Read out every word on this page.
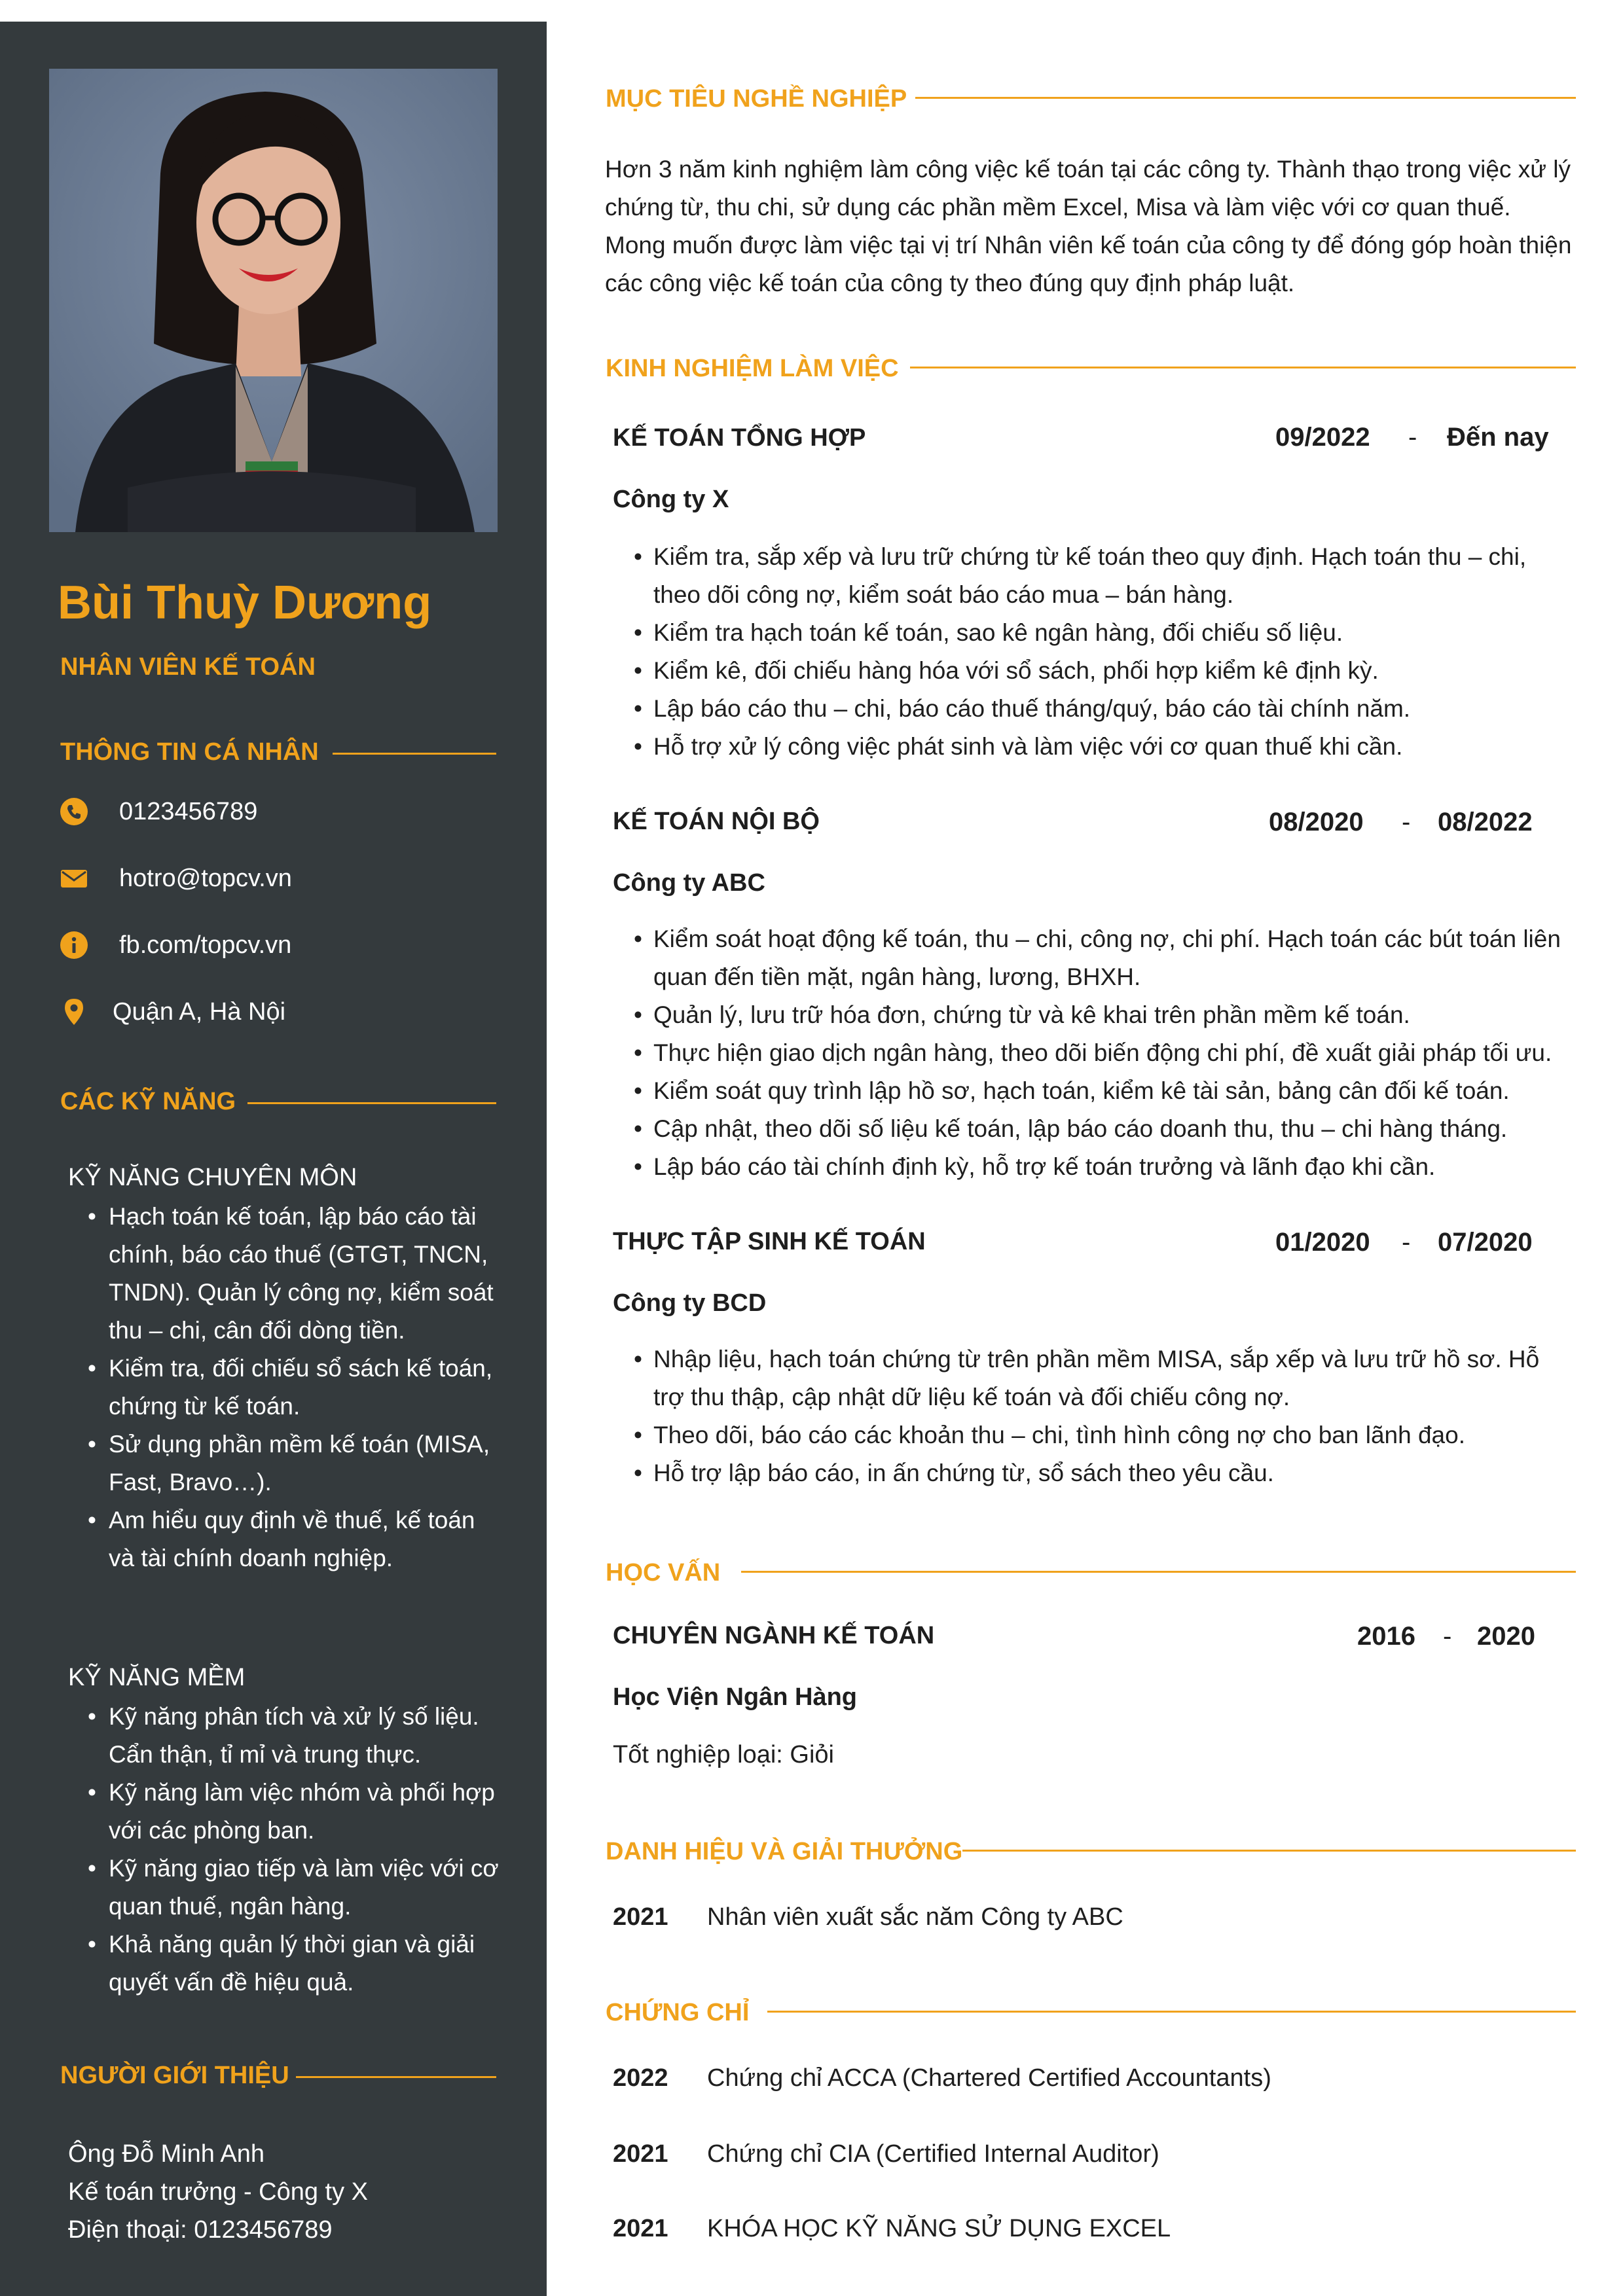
Bùi Thuỳ Dương
NHÂN VIÊN KẾ TOÁN
THÔNG TIN CÁ NHÂN
0123456789
hotro@topcv.vn
fb.com/topcv.vn
Quận A, Hà Nội
CÁC KỸ NĂNG
KỸ NĂNG CHUYÊN MÔN
• Hạch toán kế toán, lập báo cáo tài chính, báo cáo thuế (GTGT, TNCN, TNDN). Quản lý công nợ, kiểm soát thu – chi, cân đối dòng tiền.
• Kiểm tra, đối chiếu sổ sách kế toán, chứng từ kế toán.
• Sử dụng phần mềm kế toán (MISA, Fast, Bravo…).
• Am hiểu quy định về thuế, kế toán và tài chính doanh nghiệp.
KỸ NĂNG MỀM
• Kỹ năng phân tích và xử lý số liệu. Cẩn thận, tỉ mỉ và trung thực.
• Kỹ năng làm việc nhóm và phối hợp với các phòng ban.
• Kỹ năng giao tiếp và làm việc với cơ quan thuế, ngân hàng.
• Khả năng quản lý thời gian và giải quyết vấn đề hiệu quả.
NGƯỜI GIỚI THIỆU
Ông Đỗ Minh Anh
Kế toán trưởng - Công ty X
Điện thoại: 0123456789
MỤC TIÊU NGHỀ NGHIỆP
Hơn 3 năm kinh nghiệm làm công việc kế toán tại các công ty. Thành thạo trong việc xử lý chứng từ, thu chi, sử dụng các phần mềm Excel, Misa và làm việc với cơ quan thuế. Mong muốn được làm việc tại vị trí Nhân viên kế toán của công ty để đóng góp hoàn thiện các công việc kế toán của công ty theo đúng quy định pháp luật.
KINH NGHIỆM LÀM VIỆC
KẾ TOÁN TỔNG HỢP	09/2022 - Đến nay
Công ty X
• Kiểm tra, sắp xếp và lưu trữ chứng từ kế toán theo quy định. Hạch toán thu – chi, theo dõi công nợ, kiểm soát báo cáo mua – bán hàng.
• Kiểm tra hạch toán kế toán, sao kê ngân hàng, đối chiếu số liệu.
• Kiểm kê, đối chiếu hàng hóa với sổ sách, phối hợp kiểm kê định kỳ.
• Lập báo cáo thu – chi, báo cáo thuế tháng/quý, báo cáo tài chính năm.
• Hỗ trợ xử lý công việc phát sinh và làm việc với cơ quan thuế khi cần.
KẾ TOÁN NỘI BỘ	08/2020 - 08/2022
Công ty ABC
• Kiểm soát hoạt động kế toán, thu – chi, công nợ, chi phí. Hạch toán các bút toán liên quan đến tiền mặt, ngân hàng, lương, BHXH.
• Quản lý, lưu trữ hóa đơn, chứng từ và kê khai trên phần mềm kế toán.
• Thực hiện giao dịch ngân hàng, theo dõi biến động chi phí, đề xuất giải pháp tối ưu.
• Kiểm soát quy trình lập hồ sơ, hạch toán, kiểm kê tài sản, bảng cân đối kế toán.
• Cập nhật, theo dõi số liệu kế toán, lập báo cáo doanh thu, thu – chi hàng tháng.
• Lập báo cáo tài chính định kỳ, hỗ trợ kế toán trưởng và lãnh đạo khi cần.
THỰC TẬP SINH KẾ TOÁN	01/2020 - 07/2020
Công ty BCD
• Nhập liệu, hạch toán chứng từ trên phần mềm MISA, sắp xếp và lưu trữ hồ sơ. Hỗ trợ thu thập, cập nhật dữ liệu kế toán và đối chiếu công nợ.
• Theo dõi, báo cáo các khoản thu – chi, tình hình công nợ cho ban lãnh đạo.
• Hỗ trợ lập báo cáo, in ấn chứng từ, sổ sách theo yêu cầu.
HỌC VẤN
CHUYÊN NGÀNH KẾ TOÁN	2016 - 2020
Học Viện Ngân Hàng
Tốt nghiệp loại: Giỏi
DANH HIỆU VÀ GIẢI THƯỞNG
2021 Nhân viên xuất sắc năm Công ty ABC
CHỨNG CHỈ
2022 Chứng chỉ ACCA (Chartered Certified Accountants)
2021 Chứng chỉ CIA (Certified Internal Auditor)
2021 KHÓA HỌC KỸ NĂNG SỬ DỤNG EXCEL
